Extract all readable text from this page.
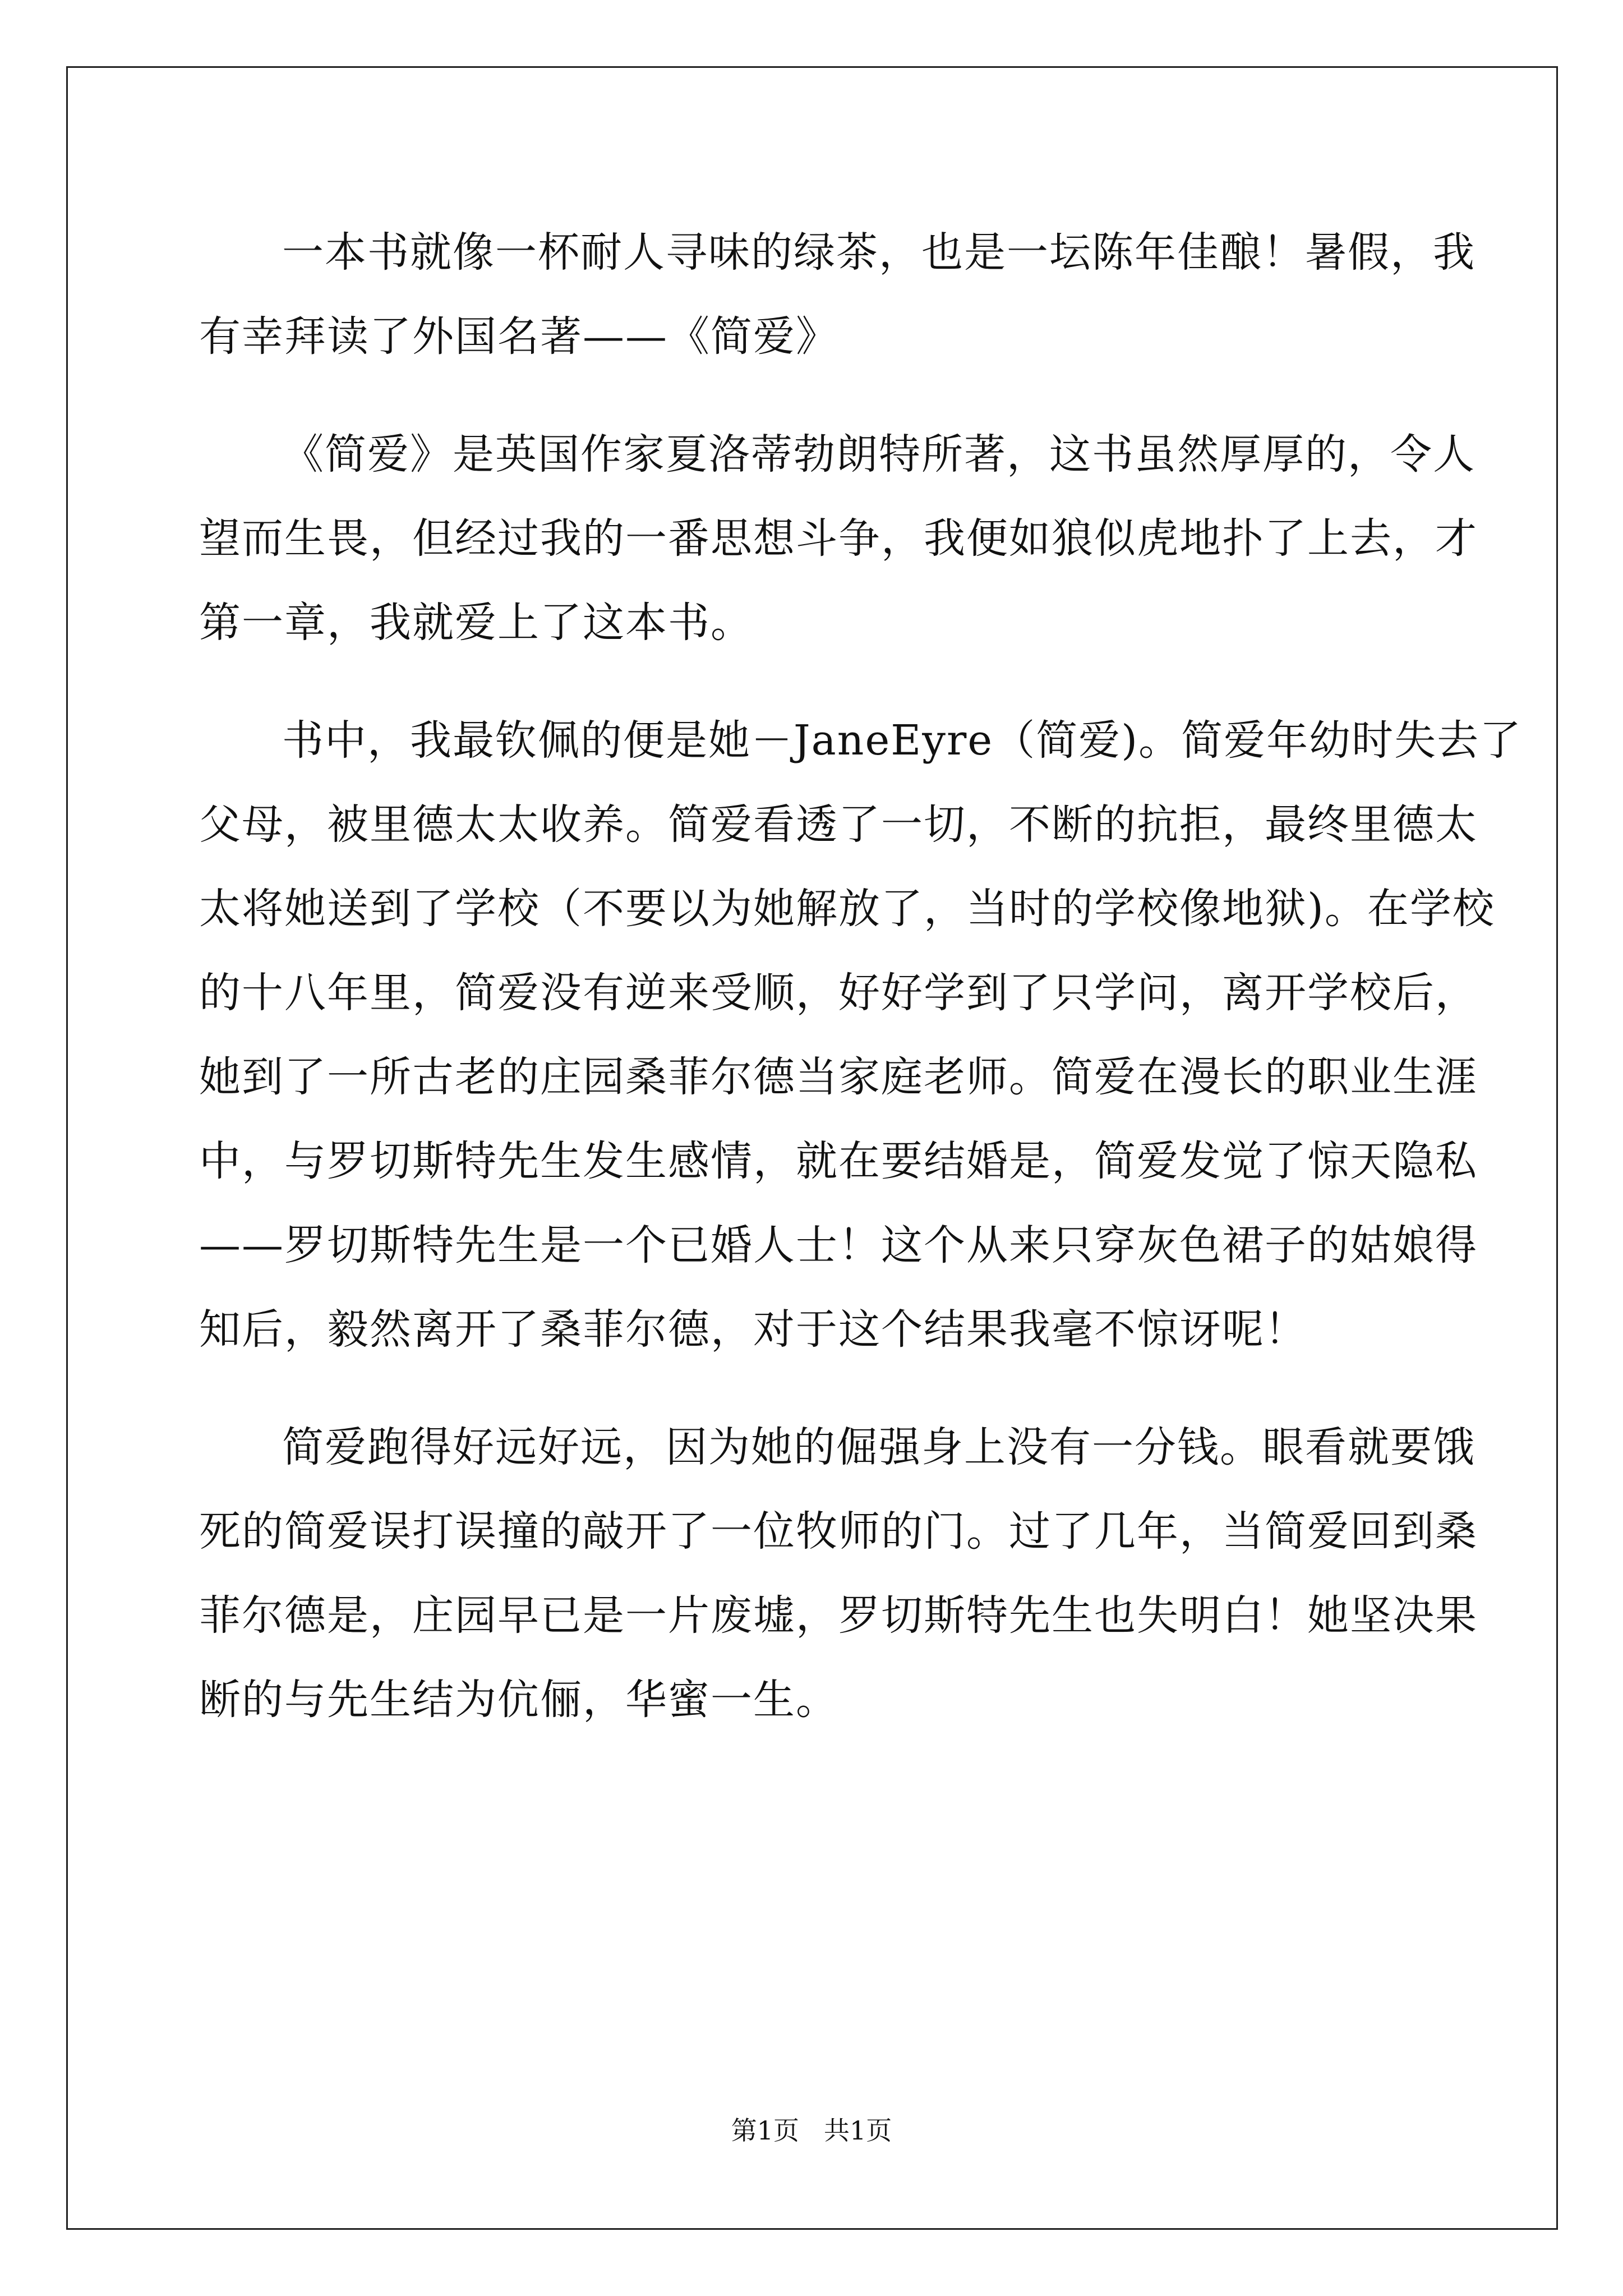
一本书就像一杯耐人寻味的绿茶，也是一坛陈年佳酿！暑假，我
有幸拜读了外国名著——《简爱》
《简爱》是英国作家夏洛蒂勃朗特所著，这书虽然厚厚的，令人
望而生畏，但经过我的一番思想斗争，我便如狼似虎地扑了上去，才
第一章，我就爱上了这本书。
书中，我最钦佩的便是她－JaneEyre（简爱)。简爱年幼时失去了
父母，被里德太太收养。简爱看透了一切，不断的抗拒，最终里德太
太将她送到了学校（不要以为她解放了，当时的学校像地狱)。在学校
的十八年里，简爱没有逆来受顺，好好学到了只学问，离开学校后，
她到了一所古老的庄园桑菲尔德当家庭老师。简爱在漫长的职业生涯
中，与罗切斯特先生发生感情，就在要结婚是，简爱发觉了惊天隐私
——罗切斯特先生是一个已婚人士！这个从来只穿灰色裙子的姑娘得
知后，毅然离开了桑菲尔德，对于这个结果我毫不惊讶呢！
简爱跑得好远好远，因为她的倔强身上没有一分钱。眼看就要饿
死的简爱误打误撞的敲开了一位牧师的门。过了几年，当简爱回到桑
菲尔德是，庄园早已是一片废墟，罗切斯特先生也失明白！她坚决果
断的与先生结为伉俪，华蜜一生。
第1页 共1页
